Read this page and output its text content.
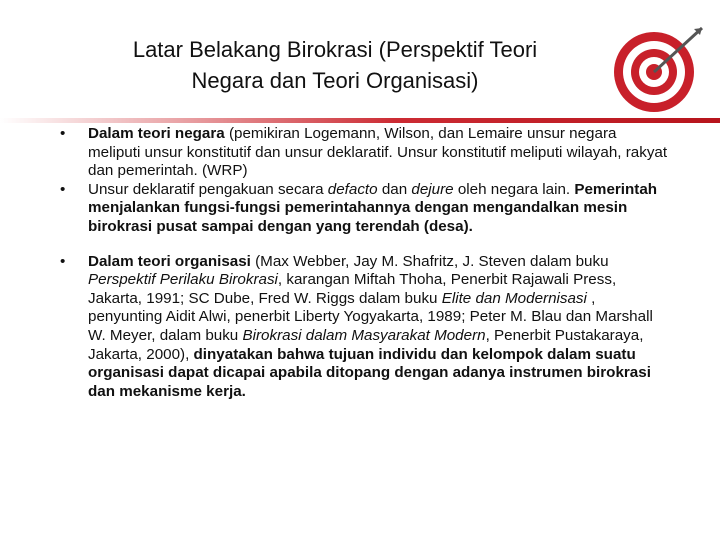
Latar Belakang Birokrasi (Perspektif Teori
Negara dan Teori Organisasi)
• Dalam teori negara (pemikiran Logemann, Wilson, dan Lemaire unsur negara meliputi unsur konstitutif dan unsur deklaratif. Unsur konstitutif meliputi wilayah, rakyat dan pemerintah. (WRP)
• Unsur deklaratif pengakuan secara defacto dan dejure oleh negara lain. Pemerintah menjalankan fungsi-fungsi pemerintahannya dengan mengandalkan mesin birokrasi pusat sampai dengan yang terendah (desa).
• Dalam teori organisasi (Max Webber, Jay M. Shafritz, J. Steven dalam buku Perspektif Perilaku Birokrasi, karangan Miftah Thoha, Penerbit Rajawali Press, Jakarta, 1991; SC Dube, Fred W. Riggs dalam buku Elite dan Modernisasi , penyunting Aidit Alwi, penerbit Liberty Yogyakarta, 1989; Peter M. Blau dan Marshall W. Meyer, dalam buku Birokrasi dalam Masyarakat Modern, Penerbit Pustakaraya, Jakarta, 2000), dinyatakan bahwa tujuan individu dan kelompok dalam suatu organisasi dapat dicapai apabila ditopang dengan adanya instrumen birokrasi dan mekanisme kerja.
